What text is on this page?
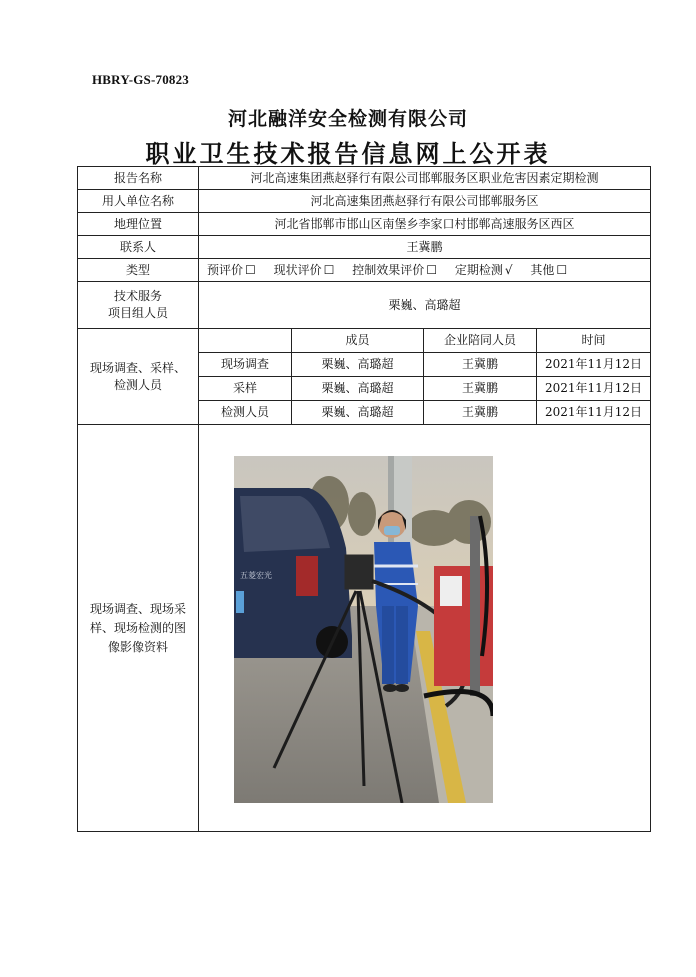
HBRY-GS-70823
河北融洋安全检测有限公司
职业卫生技术报告信息网上公开表
报告名称	河北高速集团燕赵驿行有限公司邯郸服务区职业危害因素定期检测			
用人单位名称	河北高速集团燕赵驿行有限公司邯郸服务区			
地理位置	河北省邯郸市邯山区南堡乡李家口村邯郸高速服务区西区			
联系人	王冀鹏			
类型	预评价 ☐ 现状评价 ☐ 控制效果评价 ☐ 定期检测 √ 其他 ☐			

技术服务
项目组人员	栗巍、高璐超			

现场调查、采样、
检测人员		成员	企业陪同人员	时间
	现场调查	栗巍、高璐超	王冀鹏	2021年11月12日
	采样	栗巍、高璐超	王冀鹏	2021年11月12日
	检测人员	栗巍、高璐超	王冀鹏	2021年11月12日

现场调查、现场采
样、现场检测的图
像影像资料	五菱宏光			
